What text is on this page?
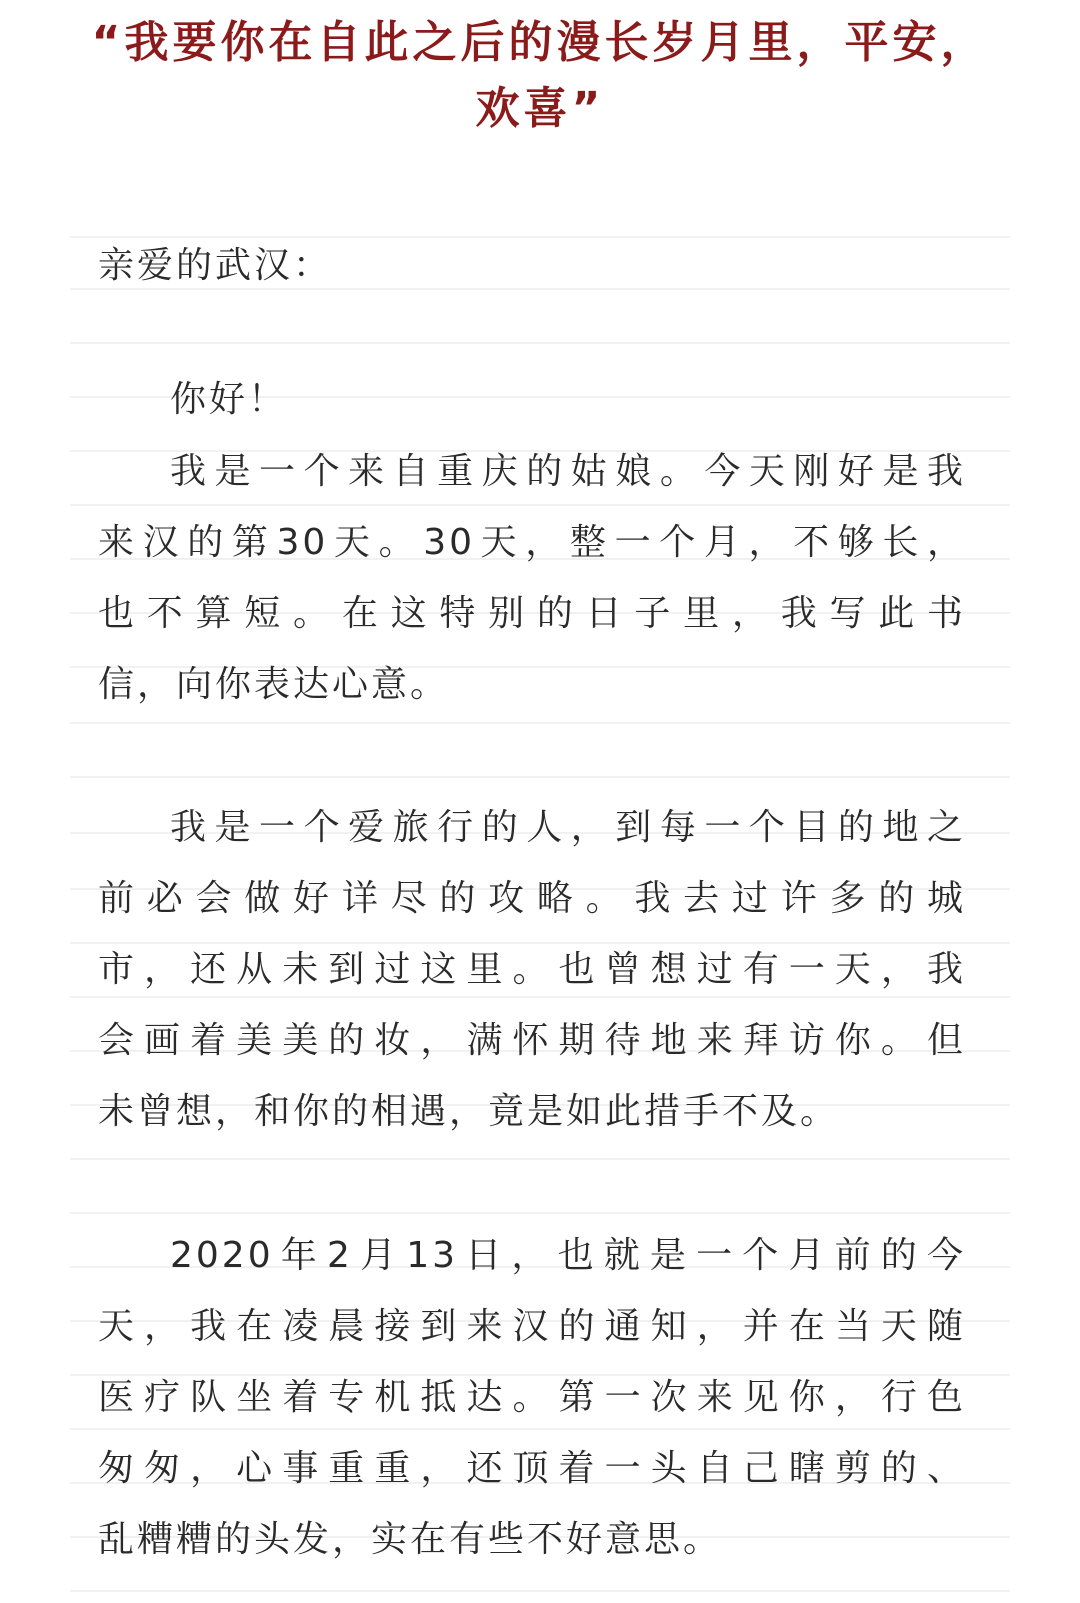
“我要你在自此之后的漫长岁月里，平安，
欢喜”
亲爱的武汉：
你好！
我是一个来自重庆的姑娘。今天刚好是我
来汉的第30天。30天，整一个月，不够长，
也不算短。在这特别的日子里，我写此书
信，向你表达心意。
我是一个爱旅行的人，到每一个目的地之
前必会做好详尽的攻略。我去过许多的城
市，还从未到过这里。也曾想过有一天，我
会画着美美的妆，满怀期待地来拜访你。但
未曾想，和你的相遇，竟是如此措手不及。
2020年2月13日，也就是一个月前的今
天，我在凌晨接到来汉的通知，并在当天随
医疗队坐着专机抵达。第一次来见你，行色
匆匆，心事重重，还顶着一头自己瞎剪的、
乱糟糟的头发，实在有些不好意思。
